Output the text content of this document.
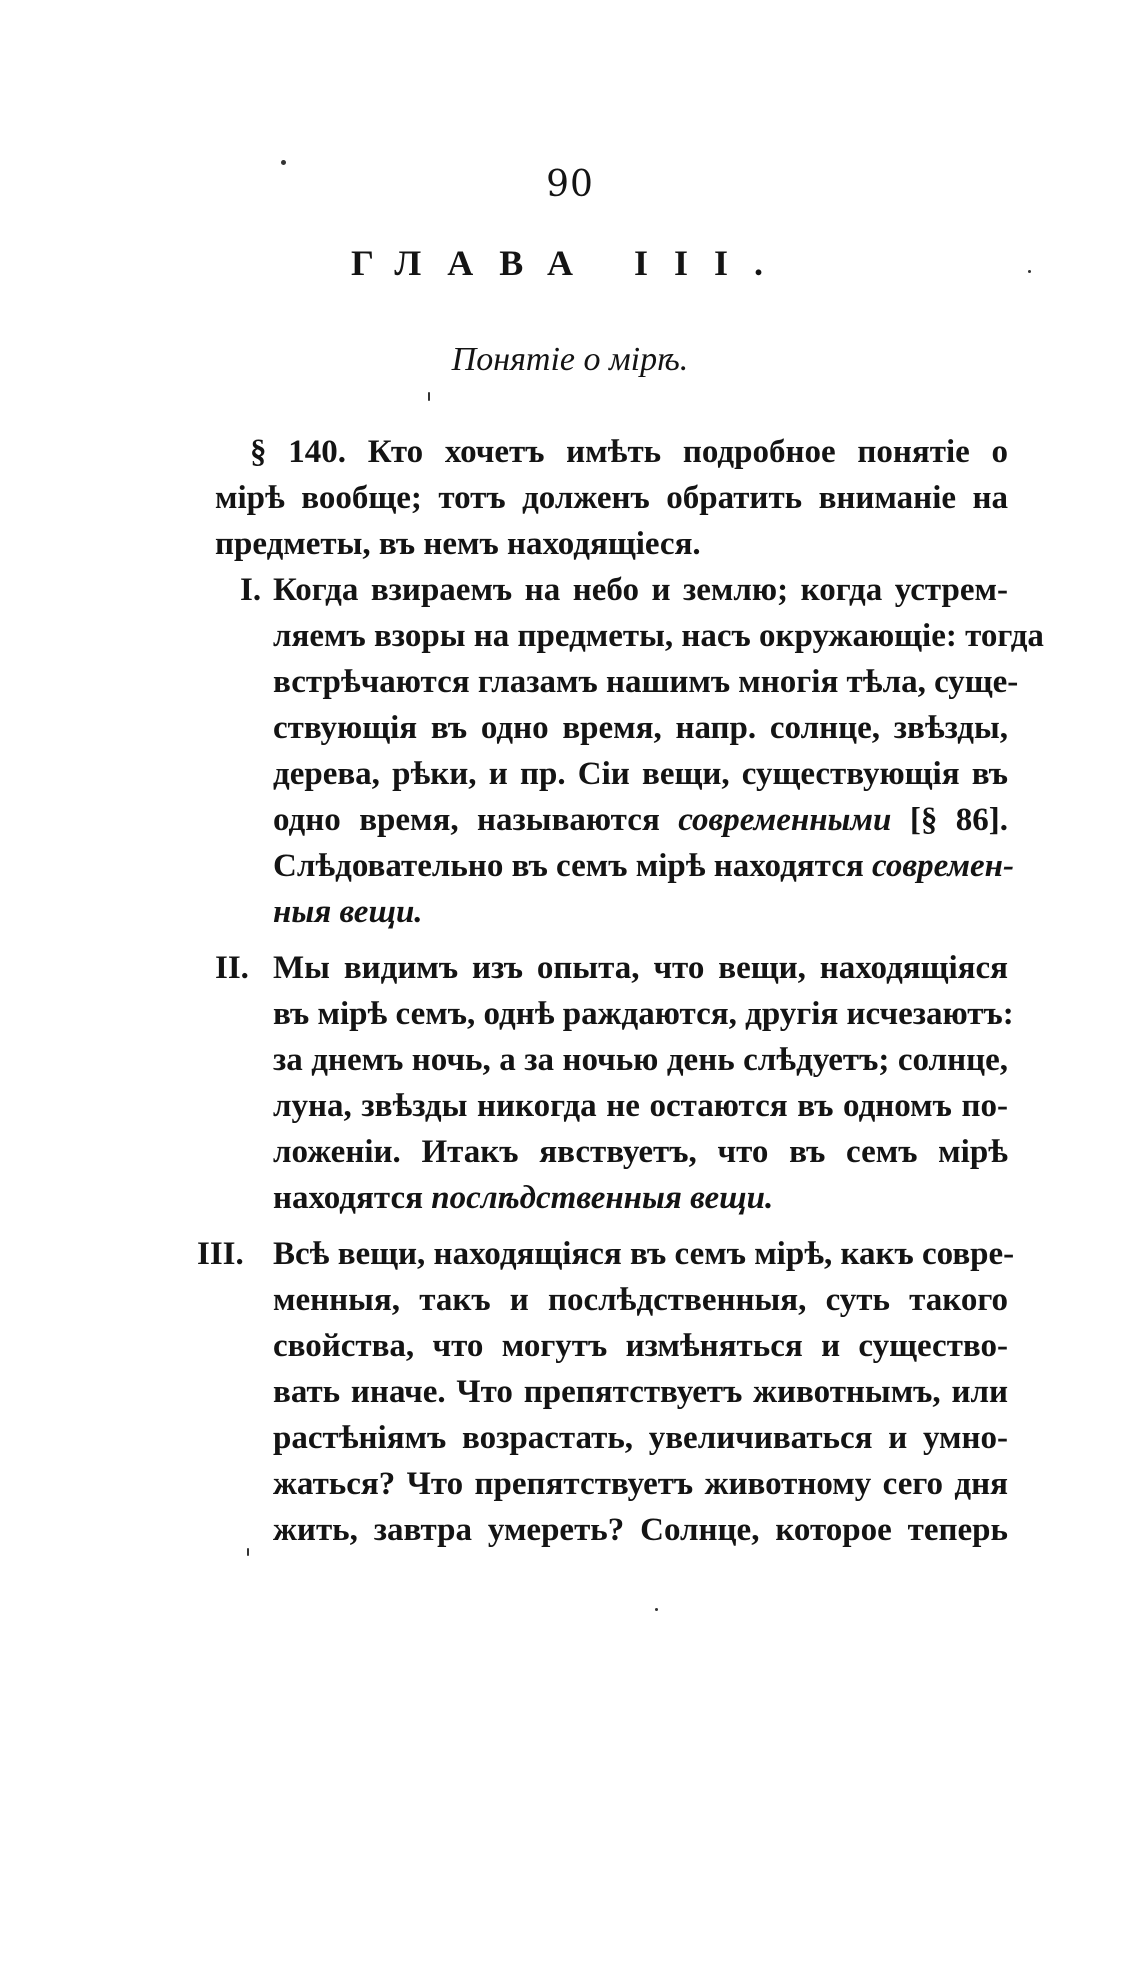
90
ГЛАВА III.
Понятіе о мірѣ.
§ 140. Кто хочетъ имѣть подробное понятіе о
мірѣ вообще; тотъ долженъ обратить вниманіе на
предметы, въ немъ находящіеся.
I. Когда взираемъ на небо и землю; когда устрем-
ляемъ взоры на предметы, насъ окружающіе: тогда
встрѣчаются глазамъ нашимъ многія тѣла, суще-
ствующія въ одно время, напр. солнце, звѣзды,
дерева, рѣки, и пр. Сіи вещи, существующія въ
одно время, называются современными [§ 86].
Слѣдовательно въ семъ мірѣ находятся современ-
ныя вещи.
II. Мы видимъ изъ опыта, что вещи, находящіяся
въ мірѣ семъ, однѣ раждаются, другія исчезаютъ:
за днемъ ночь, а за ночью день слѣдуетъ; солнце,
луна, звѣзды никогда не остаются въ одномъ по-
ложеніи. Итакъ явствуетъ, что въ семъ мірѣ
находятся послѣдственныя вещи.
III. Всѣ вещи, находящіяся въ семъ мірѣ, какъ совре-
менныя, такъ и послѣдственныя, суть такого
свойства, что могутъ измѣняться и существо-
вать иначе. Что препятствуетъ животнымъ, или
растѣніямъ возрастать, увеличиваться и умно-
жаться? Что препятствуетъ животному сего дня
жить, завтра умереть? Солнце, которое теперь
